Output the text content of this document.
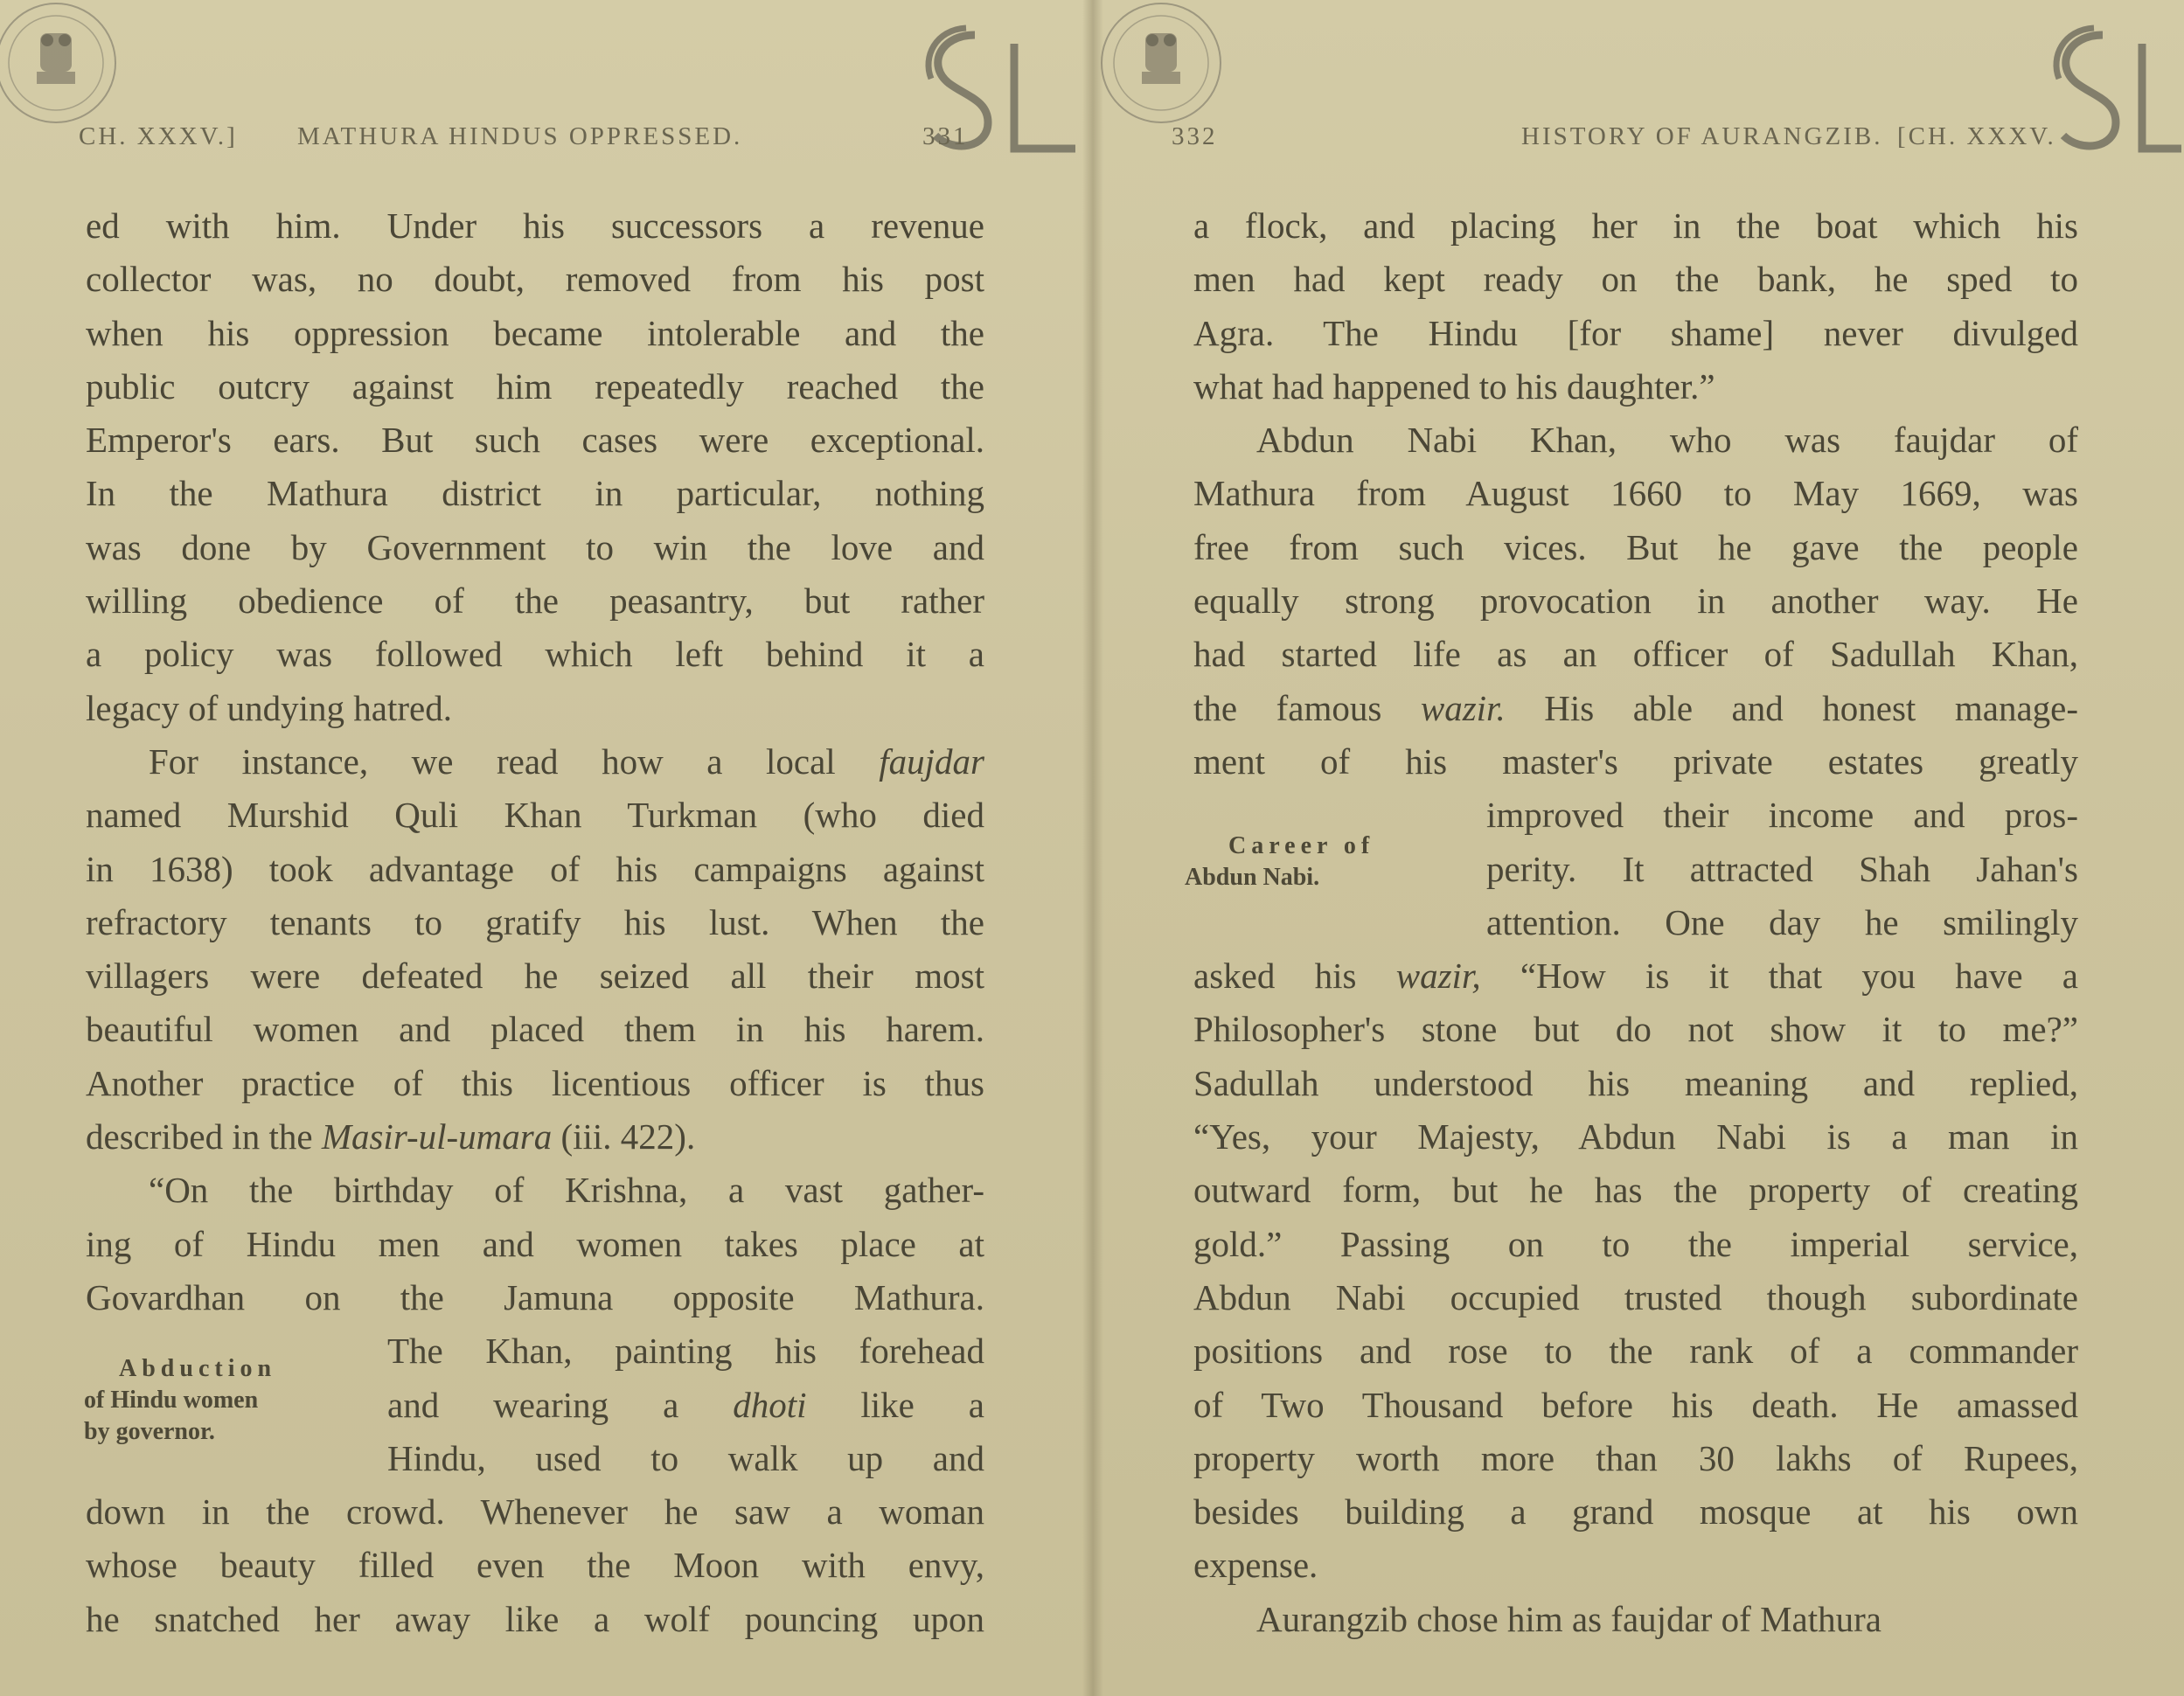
CH. XXXV.] MATHURA HINDUS OPPRESSED.	331
ed with him. Under his successors a revenue
collector was, no doubt, removed from his post
when his oppression became intolerable and the
public outcry against him repeatedly reached the
Emperor's ears. But such cases were exceptional.
In the Mathura district in particular, nothing
was done by Government to win the love and
willing obedience of the peasantry, but rather
a policy was followed which left behind it a
legacy of undying hatred.
For instance, we read how a local faujdar
named Murshid Quli Khan Turkman (who died
in 1638) took advantage of his campaigns against
refractory tenants to gratify his lust. When the
villagers were defeated he seized all their most
beautiful women and placed them in his harem.
Another practice of this licentious officer is thus
described in the Masir-ul-umara (iii. 422).
“On the birthday of Krishna, a vast gather-
ing of Hindu men and women takes place at
Govardhan on the Jamuna opposite Mathura.
The Khan, painting his forehead
and wearing a dhoti like a
Hindu, used to walk up and
down in the crowd. Whenever he saw a woman
whose beauty filled even the Moon with envy,
he snatched her away like a wolf pouncing upon
Abduction
of Hindu women
by governor.
332	HISTORY OF AURANGZIB. [CH. XXXV.
a flock, and placing her in the boat which his
men had kept ready on the bank, he sped to
Agra. The Hindu [for shame] never divulged
what had happened to his daughter.”
Abdun Nabi Khan, who was faujdar of
Mathura from August 1660 to May 1669, was
free from such vices. But he gave the people
equally strong provocation in another way. He
had started life as an officer of Sadullah Khan,
the famous wazir. His able and honest manage-
ment of his master's private estates greatly
improved their income and pros-
perity. It attracted Shah Jahan's
attention. One day he smilingly
asked his wazir, “How is it that you have a
Philosopher's stone but do not show it to me?”
Sadullah understood his meaning and replied,
“Yes, your Majesty, Abdun Nabi is a man in
outward form, but he has the property of creating
gold.” Passing on to the imperial service,
Abdun Nabi occupied trusted though subordinate
positions and rose to the rank of a commander
of Two Thousand before his death. He amassed
property worth more than 30 lakhs of Rupees,
besides building a grand mosque at his own
expense.
Aurangzib chose him as faujdar of Mathura
Career of
Abdun Nabi.
